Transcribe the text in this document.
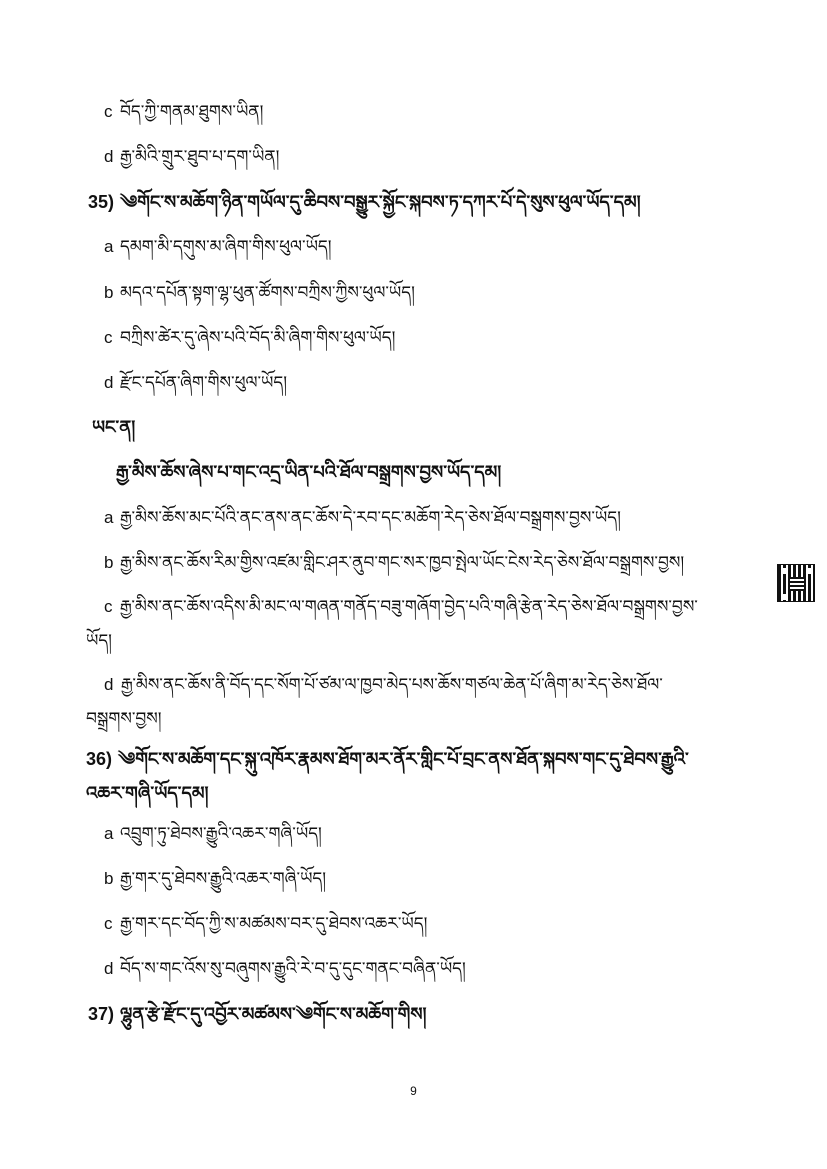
c བོད་ཀྱི་གནམ་ཐུགས་ཡིན།
d རྒྱ་མིའི་གྲུར་ཐུབ་པ་དག་ཡིན།
35) ༄གོང་ས་མཆོག་ཉིན་གཡོལ་དུ་ཆིབས་བསྒྱུར་སྐྱོང་སྐབས་ཏ་དཀར་པོ་དེ་སུས་ཕུལ་ཡོད་དམ།
a དམག་མི་དགུས་མ་ཞིག་གིས་ཕུལ་ཡོད།
b མདའ་དཔོན་སྟག་ལྷ་ཕུན་ཚོགས་བཀྲིས་ཀྱིས་ཕུལ་ཡོད།
c བཀྲིས་ཚེར་དུ་ཞེས་པའི་བོད་མི་ཞིག་གིས་ཕུལ་ཡོད།
d རྫོང་དཔོན་ཞིག་གིས་ཕུལ་ཡོད།
ཡང་ན།
རྒྱ་མིས་ཆོས་ཞེས་པ་གང་འདྲ་ཡིན་པའི་ཐོལ་བསྒྲགས་བྱས་ཡོད་དམ།
a རྒྱ་མིས་ཆོས་མང་པོའི་ནང་ནས་ནང་ཆོས་དེ་རབ་དང་མཆོག་རེད་ཅེས་ཐོལ་བསྒྲགས་བྱས་ཡོད།
b རྒྱ་མིས་ནང་ཆོས་རིམ་གྱིས་འཛམ་གླིང་ཤར་ནུབ་གང་སར་ཁྱབ་སྤེལ་ཡོང་ངེས་རེད་ཅེས་ཐོལ་བསྒྲགས་བྱས།
c རྒྱ་མིས་ནང་ཆོས་འདིས་མི་མང་ལ་གཞན་གནོད་བཟུ་གཞོག་བྱེད་པའི་གཞི་རྩེན་རེད་ཅེས་ཐོལ་བསྒྲགས་བྱས་ཡོད།
d རྒྱ་མིས་ནང་ཆོས་ནི་བོད་དང་སོག་པོ་ཙམ་ལ་ཁྱབ་མེད་པས་ཆོས་གཙལ་ཆེན་པོ་ཞིག་མ་རེད་ཅེས་ཐོལ་བསྒྲགས་བྱས།
36) ༄གོང་ས་མཆོག་དང་སྐུ་འཁོར་རྣམས་ཐོག་མར་ནོར་གླིང་པོ་བྲང་ནས་ཐོན་སྐབས་གང་དུ་ཐེབས་རྒྱུའི་འཆར་གཞི་ཡོད་དམ།
a འབྲུག་ཏུ་ཐེབས་རྒྱུའི་འཆར་གཞི་ཡོད།
b རྒྱ་གར་དུ་ཐེབས་རྒྱུའི་འཆར་གཞི་ཡོད།
c རྒྱ་གར་དང་བོད་ཀྱི་ས་མཚམས་བར་དུ་ཐེབས་འཆར་ཡོད།
d བོད་ས་གང་འོས་སུ་བཞུགས་རྒྱུའི་རེ་བ་དུ་དུང་གནང་བཞིན་ཡོད།
37) ལྷུན་རྩེ་རྫོང་དུ་འབྱོར་མཚམས་༄གོང་ས་མཆོག་གིས།
9
